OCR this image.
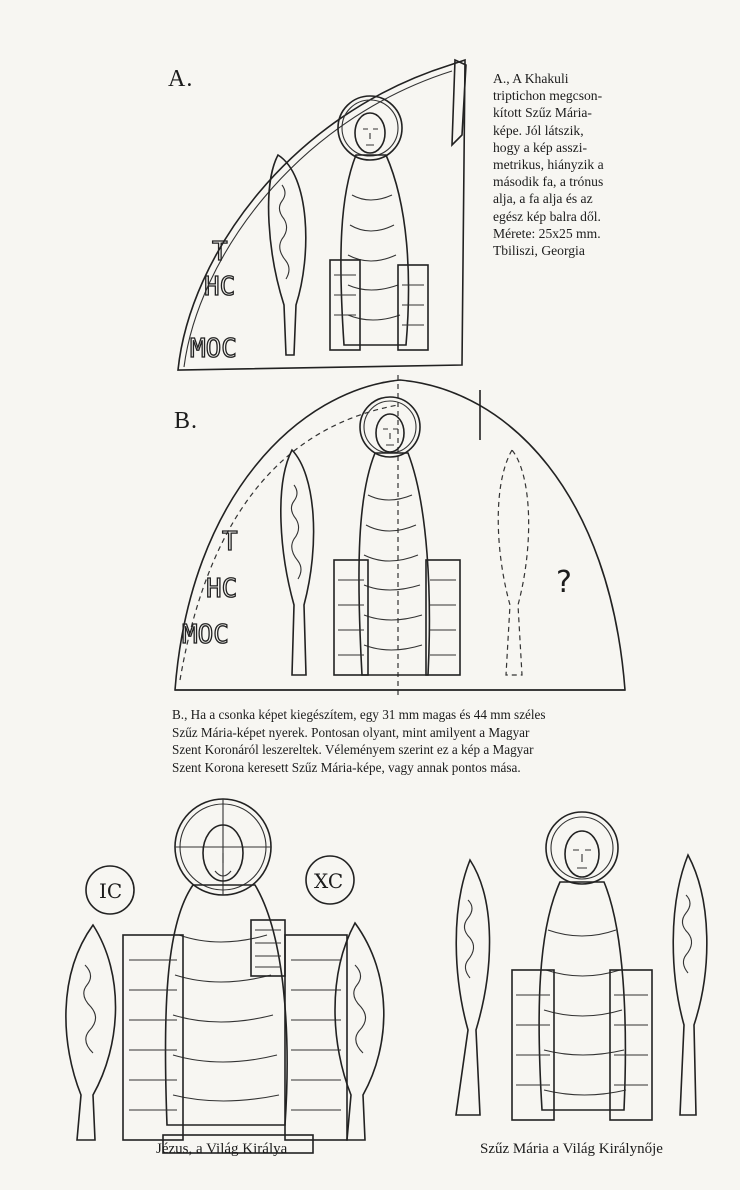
A.
T
HC
MOC
A., A Khakuli
triptichon megcson-
kított Szűz Mária-
képe. Jól látszik,
hogy a kép asszi-
metrikus, hiányzik a
második fa, a trónus
alja, a fa alja és az
egész kép balra dől.
Mérete: 25x25 mm.
Tbiliszi, Georgia
B.
T
HC
MOC
?
B., Ha a csonka képet kiegészítem, egy 31 mm magas és 44 mm széles
Szűz Mária-képet nyerek. Pontosan olyant, mint amilyent a Magyar
Szent Koronáról leszereltek. Véleményem szerint ez a kép a Magyar
Szent Korona keresett Szűz Mária-képe, vagy annak pontos mása.
IC	XC
Jézus, a Világ Királya	Szűz Mária a Világ Királynője
